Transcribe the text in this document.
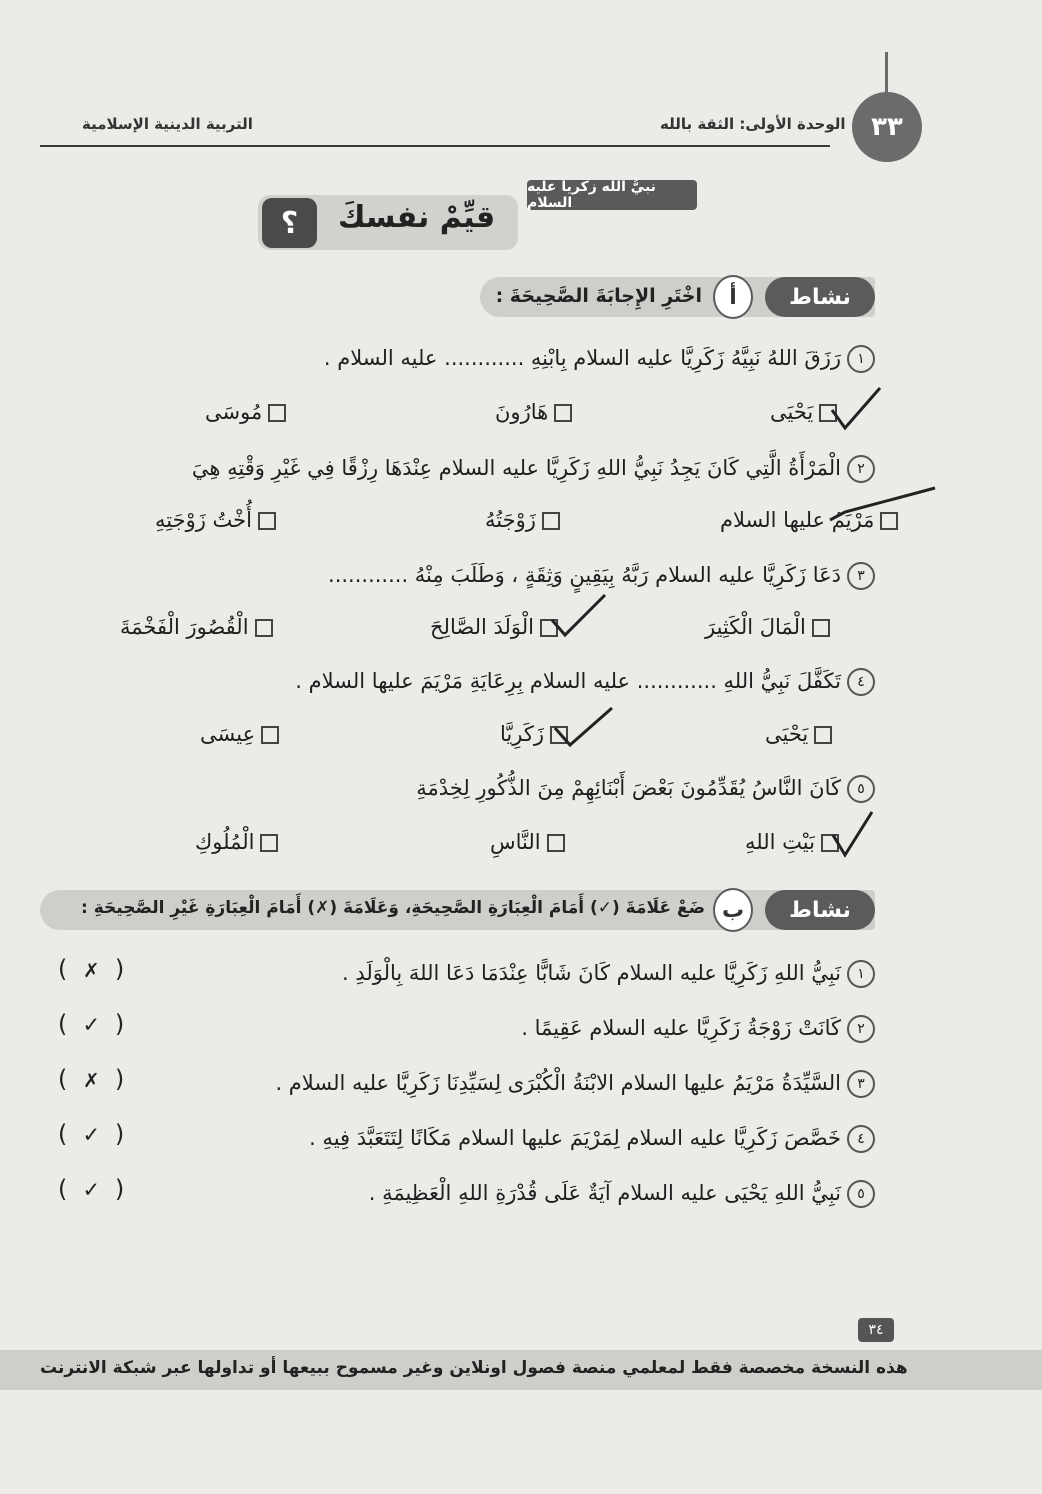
التربية الدينية الإسلامية	الوحدة الأولى: الثقة بالله ٣٣
نبيُّ الله زكريا عليه السلام
قيِّمْ نفسكَ
؟
نشاط
أ
اخْتَرِ الإِجابَةَ الصَّحِيحَةَ :
١رَزَقَ اللهُ نَبِيَّهُ زَكَرِيَّا عليه السلام بِابْنِهِ ............ عليه السلام .
يَحْيَى
هَارُونَ
مُوسَى
٢الْمَرْأَةُ الَّتِي كَانَ يَجِدُ نَبِيُّ اللهِ زَكَرِيَّا عليه السلام عِنْدَهَا رِزْقًا فِي غَيْرِ وَقْتِهِ هِيَ
مَرْيَمُ عليها السلام
زَوْجَتُهُ
أُخْتُ زَوْجَتِهِ
٣دَعَا زَكَرِيَّا عليه السلام رَبَّهُ بِيَقِينٍ وَثِقَةٍ ، وَطَلَبَ مِنْهُ ............
الْمَالَ الْكَثِيرَ
الْوَلَدَ الصَّالِحَ
الْقُصُورَ الْفَخْمَةَ
٤تَكَفَّلَ نَبِيُّ اللهِ ............ عليه السلام بِرِعَايَةِ مَرْيَمَ عليها السلام .
يَحْيَى
زَكَرِيَّا
عِيسَى
٥كَانَ النَّاسُ يُقَدِّمُونَ بَعْضَ أَبْنَائِهِمْ مِنَ الذُّكُورِ لِخِدْمَةِ
بَيْتِ اللهِ
النَّاسِ
الْمُلُوكِ
نشاط
ب
ضَعْ عَلَامَةَ (✓) أَمَامَ الْعِبَارَةِ الصَّحِيحَةِ، وَعَلَامَةَ (✗) أَمَامَ الْعِبَارَةِ غَيْرِ الصَّحِيحَةِ :
١نَبِيُّ اللهِ زَكَرِيَّا عليه السلام كَانَ شَابًّا عِنْدَمَا دَعَا اللهَ بِالْوَلَدِ .
( ✗ )
٢كَانَتْ زَوْجَةُ زَكَرِيَّا عليه السلام عَقِيمًا .
( ✓ )
٣السَّيِّدَةُ مَرْيَمُ عليها السلام الابْنَةُ الْكُبْرَى لِسَيِّدِنَا زَكَرِيَّا عليه السلام .
( ✗ )
٤خَصَّصَ زَكَرِيَّا عليه السلام لِمَرْيَمَ عليها السلام مَكَانًا لِتَتَعَبَّدَ فِيهِ .
( ✓ )
٥نَبِيُّ اللهِ يَحْيَى عليه السلام آيَةٌ عَلَى قُدْرَةِ اللهِ الْعَظِيمَةِ .
( ✓ )
٣٤
هذه النسخة مخصصة فقط لمعلمي منصة فصول اونلاين وغير مسموح ببيعها أو تداولها عبر شبكة الانترنت
